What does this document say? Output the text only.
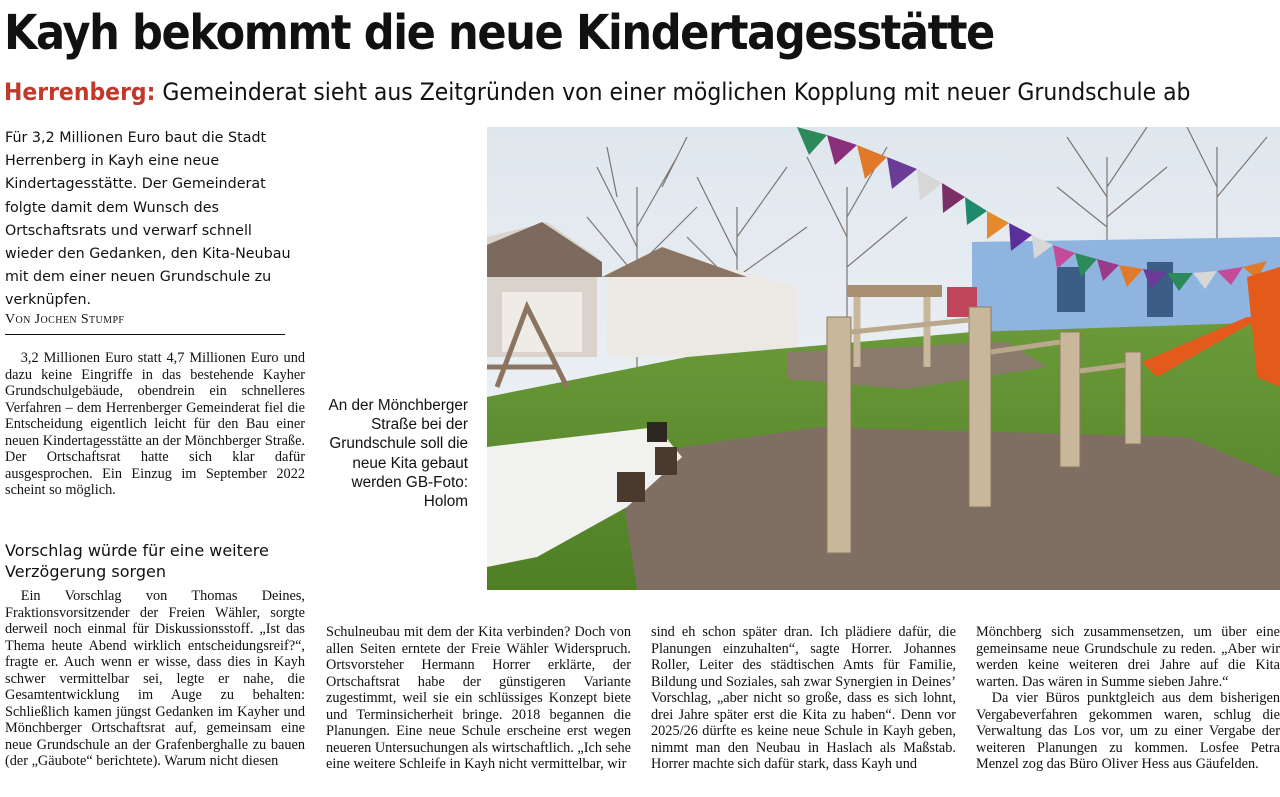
Kayh bekommt die neue Kindertagesstätte
Herrenberg: Gemeinderat sieht aus Zeitgründen von einer möglichen Kopplung mit neuer Grundschule ab

Für 3,2 Millionen Euro baut die Stadt Herrenberg in Kayh eine neue Kindertagesstätte. Der Gemeinderat folgte damit dem Wunsch des Ortschaftsrats und verwarf schnell wieder den Gedanken, den Kita-Neubau mit dem einer neuen Grundschule zu verknüpfen.

Von Jochen Stumpf

3,2 Millionen Euro statt 4,7 Millionen Euro und dazu keine Eingriffe in das bestehende Kayher Grundschulgebäude, obendrein ein schnelleres Verfahren – dem Herrenberger Gemeinderat fiel die Entscheidung eigentlich leicht für den Bau einer neuen Kindertagesstätte an der Mönchberger Straße. Der Ortschaftsrat hatte sich klar dafür ausgesprochen. Ein Einzug im September 2022 scheint so möglich.

Vorschlag würde für eine weitere Verzögerung sorgen

Ein Vorschlag von Thomas Deines, Fraktionsvorsitzender der Freien Wähler, sorgte derweil noch einmal für Diskussionsstoff. „Ist das Thema heute Abend wirklich entscheidungsreif?“, fragte er. Auch wenn er wisse, dass dies in Kayh schwer vermittelbar sei, legte er nahe, die Gesamtentwicklung im Auge zu behalten: Schließlich kamen jüngst Gedanken im Kayher und Mönchberger Ortschaftsrat auf, gemeinsam eine neue Grundschule an der Grafenberghalle zu bauen (der „Gäubote“ berichtete). Warum nicht diesen

Schulneubau mit dem der Kita verbinden? Doch von allen Seiten erntete der Freie Wähler Widerspruch. Ortsvorsteher Hermann Horrer erklärte, der Ortschaftsrat habe der günstigeren Variante zugestimmt, weil sie ein schlüssiges Konzept biete und Terminsicherheit bringe. 2018 begannen die Planungen. Eine neue Schule erscheine erst wegen neueren Untersuchungen als wirtschaftlich. „Ich sehe eine weitere Schleife in Kayh nicht vermittelbar, wir

sind eh schon später dran. Ich plädiere dafür, die Planungen einzuhalten“, sagte Horrer. Johannes Roller, Leiter des städtischen Amts für Familie, Bildung und Soziales, sah zwar Synergien in Deines’ Vorschlag, „aber nicht so große, dass es sich lohnt, drei Jahre später erst die Kita zu haben“. Denn vor 2025/26 dürfte es keine neue Schule in Kayh geben, nimmt man den Neubau in Haslach als Maßstab. Horrer machte sich dafür stark, dass Kayh und

Mönchberg sich zusammensetzen, um über eine gemeinsame neue Grundschule zu reden. „Aber wir werden keine weiteren drei Jahre auf die Kita warten. Das wären in Summe sieben Jahre.“

Da vier Büros punktgleich aus dem bisherigen Vergabeverfahren gekommen waren, schlug die Verwaltung das Los vor, um zu einer Vergabe der weiteren Planungen zu kommen. Losfee Petra Menzel zog das Büro Oliver Hess aus Gäufelden.

An der Mönchberger Straße bei der Grundschule soll die neue Kita gebaut werden GB-Foto: Holom
